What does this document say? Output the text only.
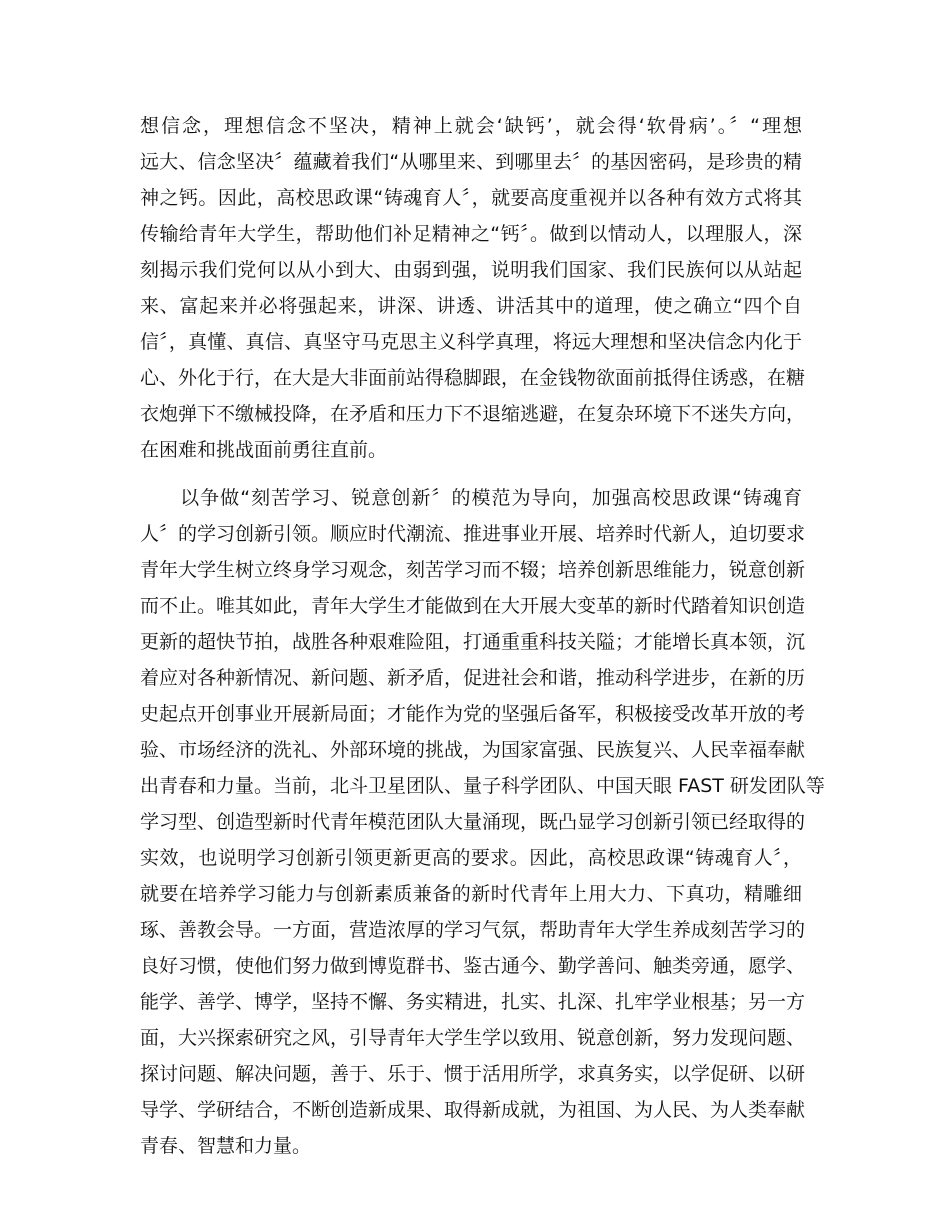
想信念，理想信念不坚决，精神上就会‘缺钙’，就会得‘软骨病’。〞“理想
远大、信念坚决〞蕴藏着我们“从哪里来、到哪里去〞的基因密码，是珍贵的精
神之钙。因此，高校思政课“铸魂育人〞，就要高度重视并以各种有效方式将其
传输给青年大学生，帮助他们补足精神之“钙〞。做到以情动人，以理服人，深
刻揭示我们党何以从小到大、由弱到强，说明我们国家、我们民族何以从站起
来、富起来并必将强起来，讲深、讲透、讲活其中的道理，使之确立“四个自
信〞，真懂、真信、真坚守马克思主义科学真理，将远大理想和坚决信念内化于
心、外化于行，在大是大非面前站得稳脚跟，在金钱物欲面前抵得住诱惑，在糖
衣炮弹下不缴械投降，在矛盾和压力下不退缩逃避，在复杂环境下不迷失方向，
在困难和挑战面前勇往直前。
　　以争做“刻苦学习、锐意创新〞的模范为导向，加强高校思政课“铸魂育
人〞的学习创新引领。顺应时代潮流、推进事业开展、培养时代新人，迫切要求
青年大学生树立终身学习观念，刻苦学习而不辍；培养创新思维能力，锐意创新
而不止。唯其如此，青年大学生才能做到在大开展大变革的新时代踏着知识创造
更新的超快节拍，战胜各种艰难险阻，打通重重科技关隘；才能增长真本领，沉
着应对各种新情况、新问题、新矛盾，促进社会和谐，推动科学进步，在新的历
史起点开创事业开展新局面；才能作为党的坚强后备军，积极接受改革开放的考
验、市场经济的洗礼、外部环境的挑战，为国家富强、民族复兴、人民幸福奉献
出青春和力量。当前，北斗卫星团队、量子科学团队、中国天眼 FAST 研发团队等
学习型、创造型新时代青年模范团队大量涌现，既凸显学习创新引领已经取得的
实效，也说明学习创新引领更新更高的要求。因此，高校思政课“铸魂育人〞，
就要在培养学习能力与创新素质兼备的新时代青年上用大力、下真功，精雕细
琢、善教会导。一方面，营造浓厚的学习气氛，帮助青年大学生养成刻苦学习的
良好习惯，使他们努力做到博览群书、鉴古通今、勤学善问、触类旁通，愿学、
能学、善学、博学，坚持不懈、务实精进，扎实、扎深、扎牢学业根基；另一方
面，大兴探索研究之风，引导青年大学生学以致用、锐意创新，努力发现问题、
探讨问题、解决问题，善于、乐于、惯于活用所学，求真务实，以学促研、以研
导学、学研结合，不断创造新成果、取得新成就，为祖国、为人民、为人类奉献
青春、智慧和力量。
